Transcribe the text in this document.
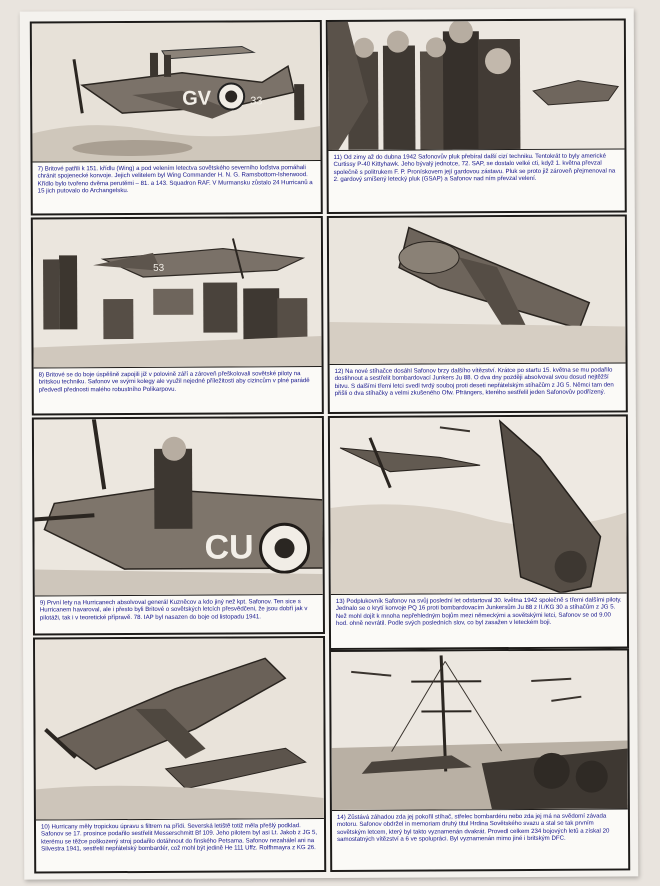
GV	33
7) Britové patřili k 151. křídlu (Wing) a pod velením letectva sovětského severního loďstva pomáhali chránit spojenecké konvoje. Jejich velitelem byl Wing Commander H. N. G. Ramsbottom-Isherwood. Křídlo bylo tvořeno dvěma perutěmi – 81. a 143. Squadron RAF. V Murmansku zůstalo 24 Hurricanů a 15 jich putovalo do Archangelsku.
11) Od zimy až do dubna 1942 Safonovův pluk přebíral další cizí techniku. Tentokrát to byly americké Curtissy P-40 Kittyhawk. Jeho bývalý jednotce, 72. SAP, se dostalo velké cti, když 1. května převzal společně s politrukem F. P. Pronískovem její gardovou zástavu. Pluk se proto již zároveň přejmenoval na 2. gardový smíšený letecký pluk (GSAP) a Safonov nad ním převzal velení.
53
8) Britové se do boje úspěšně zapojili již v polovině září a zároveň přeškolovali sovětské piloty na britskou techniku. Safonov ve svými kolegy ale využil nejedné příležitosti aby cizincům v plné parádě předvedl přednosti malého robustního Polikarpovu.
12) Na nové stíhačce dosáhl Safonov brzy dalšího vítězství. Krátce po startu 15. května se mu podařilo dostihnout a sestřelit bombardovací Junkers Ju 88. O dva dny později absolvoval svou dosud nejtěžší bitvu. S dalšími třemi letci svedl tvrdý souboj proti deseti nepřátelským stíhačům z JG 5. Němci tam den přišli o dva stíhačky a velmi zkušeného Ofw. Pfrängers, kterého sestřelil jeden Safonovův podřízený.
CU
9) První lety na Hurricanech absolvoval generál Kuzněcov a kdo jiný než kpt. Safonov. Ten sice s Hurricanem havaroval, ale i přesto byli Britové o sovětských letcích přesvědčeni, že jsou dobří jak v pilotáži, tak i v teoretické přípravě. 78. IAP byl nasazen do boje od listopadu 1941.
13) Podplukovník Safonov na svůj poslední let odstartoval 30. května 1942 společně s třemi dalšími piloty. Jednalo se o krytí konvoje PQ 16 proti bombardovacím Junkersům Ju 88 z II./KG 30 a stíhačům z JG 5. Než mohl dojít k mnoha nepřehledným bojům mezi německými a sovětskými letci, Safonov se od 9.00 hod. ohně nevrátil. Podle svých posledních slov, co byl zasažen v leteckém boji.
10) Hurricany měly tropickou úpravu s filtrem na přídi. Severská letiště totiž měla přešlý podklad. Safonov se 17. prosince podařilo sestřelit Messerschmitt Bf 109. Jeho pilotem byl asi Lt. Jakob z JG 5, kterému se těžce poškozený stroj podařilo dotáhnout do finského Petsama. Safonov nezahálel ani na Silvestra 1941, sestřelil nepřátelský bombardér, což mohl být jedině He 111 Uffz. Rolfhmayra z KG 26.
14) Zůstává záhadou zda jej pokořil stíhač, střelec bombardéru nebo zda jej má na svědomí závada motoru. Safonov obdržel in memoriam druhý titul Hrdina Sovětského svazu a stal se tak prvním sovětským letcem, který byl takto vyznamenán dvakrát. Provedl celkem 234 bojových letů a získal 20 samostatných vítězství a 6 ve spolupráci. Byl vyznamenán mimo jiné i britským DFC.
